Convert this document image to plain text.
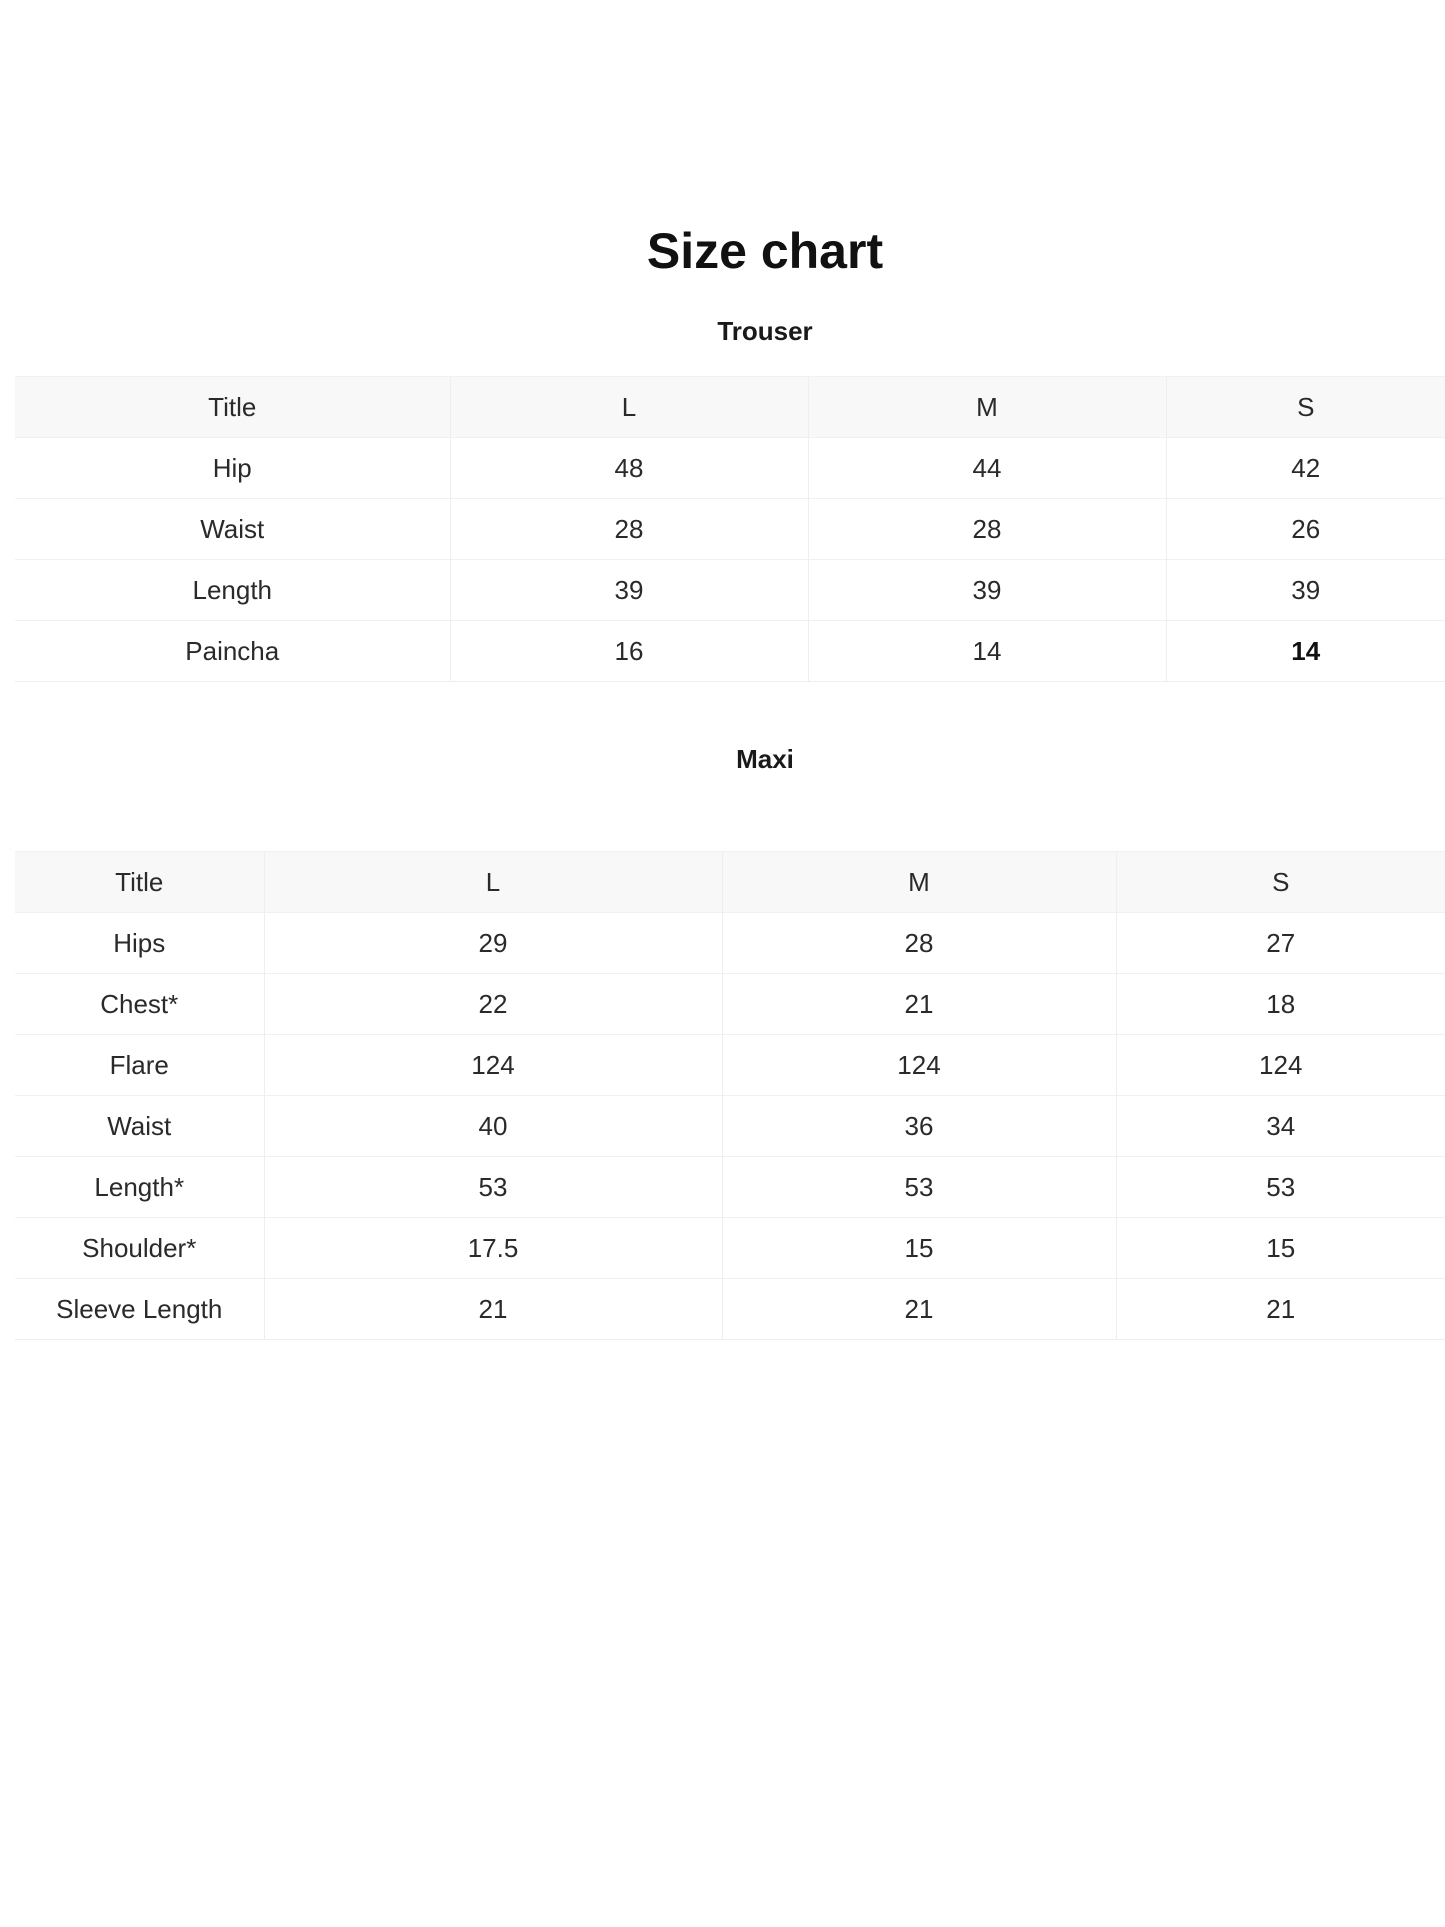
Size chart
Trouser
Title	L	M	S
Hip	48	44	42
Waist	28	28	26
Length	39	39	39
Paincha	16	14	14
Maxi
Title	L	M	S
Hips	29	28	27
Chest*	22	21	18
Flare	124	124	124
Waist	40	36	34
Length*	53	53	53
Shoulder*	17.5	15	15
Sleeve Length	21	21	21
